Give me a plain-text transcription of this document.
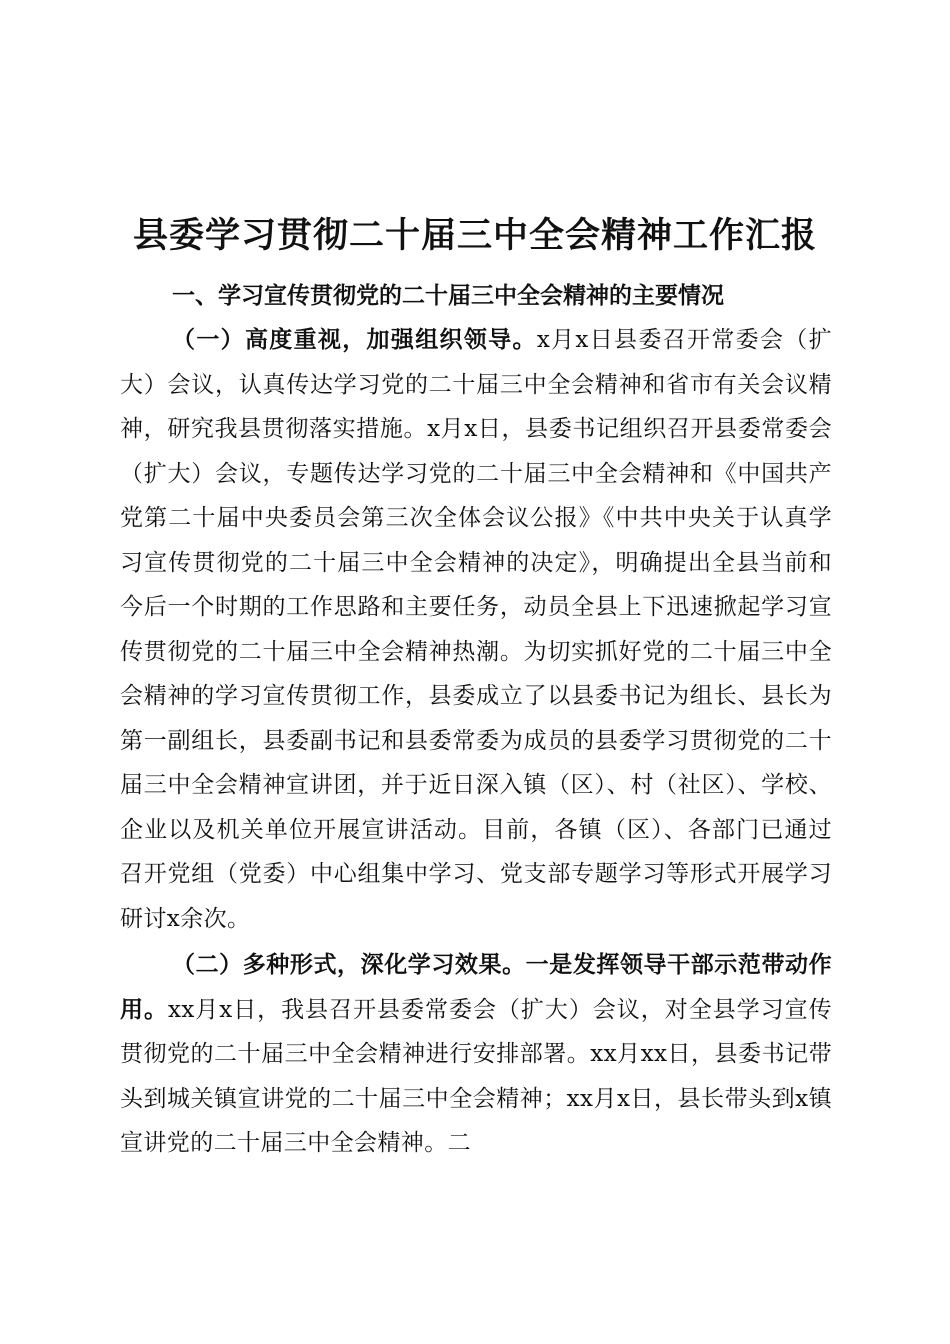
县委学习贯彻二十届三中全会精神工作汇报

一、学习宣传贯彻党的二十届三中全会精神的主要情况

（一）高度重视，加强组织领导。x月x日县委召开常委会（扩大）会议，认真传达学习党的二十届三中全会精神和省市有关会议精神，研究我县贯彻落实措施。x月x日，县委书记组织召开县委常委会（扩大）会议，专题传达学习党的二十届三中全会精神和《中国共产党第二十届中央委员会第三次全体会议公报》《中共中央关于认真学习宣传贯彻党的二十届三中全会精神的决定》，明确提出全县当前和今后一个时期的工作思路和主要任务，动员全县上下迅速掀起学习宣传贯彻党的二十届三中全会精神热潮。为切实抓好党的二十届三中全会精神的学习宣传贯彻工作，县委成立了以县委书记为组长、县长为第一副组长，县委副书记和县委常委为成员的县委学习贯彻党的二十届三中全会精神宣讲团，并于近日深入镇（区）、村（社区）、学校、企业以及机关单位开展宣讲活动。目前，各镇（区）、各部门已通过召开党组（党委）中心组集中学习、党支部专题学习等形式开展学习研讨x余次。

（二）多种形式，深化学习效果。一是发挥领导干部示范带动作用。xx月x日，我县召开县委常委会（扩大）会议，对全县学习宣传贯彻党的二十届三中全会精神进行安排部署。xx月xx日，县委书记带头到城关镇宣讲党的二十届三中全会精神；xx月x日，县长带头到x镇宣讲党的二十届三中全会精神。二
